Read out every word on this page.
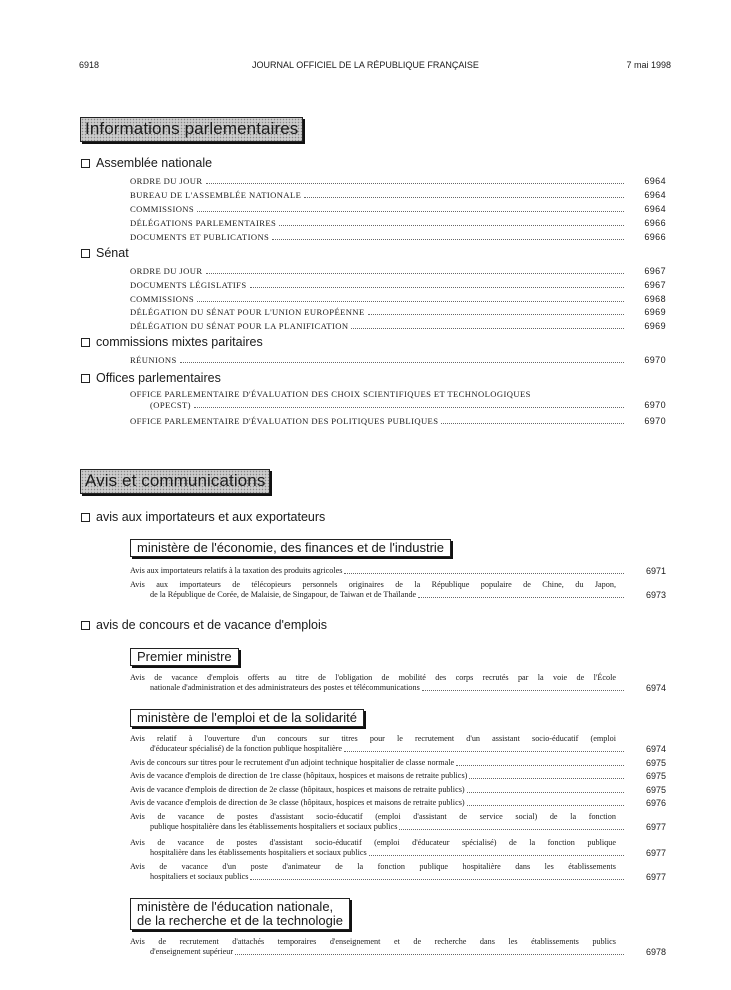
6918	JOURNAL OFFICIEL DE LA RÉPUBLIQUE FRANÇAISE	7 mai 1998
Informations parlementaires
Assemblée nationale
ORDRE DU JOUR	6964
BUREAU DE L'ASSEMBLÉE NATIONALE	6964
COMMISSIONS	6964
DÉLÉGATIONS PARLEMENTAIRES	6966
DOCUMENTS ET PUBLICATIONS	6966
Sénat
ORDRE DU JOUR	6967
DOCUMENTS LÉGISLATIFS	6967
COMMISSIONS	6968
DÉLÉGATION DU SÉNAT POUR L'UNION EUROPÉENNE	6969
DÉLÉGATION DU SÉNAT POUR LA PLANIFICATION	6969
commissions mixtes paritaires
RÉUNIONS	6970
Offices parlementaires
OFFICE PARLEMENTAIRE D'ÉVALUATION DES CHOIX SCIENTIFIQUES ET TECHNOLOGIQUES
(OPECST)	6970
OFFICE PARLEMENTAIRE D'ÉVALUATION DES POLITIQUES PUBLIQUES	6970
Avis et communications
avis aux importateurs et aux exportateurs
ministère de l'économie, des finances et de l'industrie
Avis aux importateurs relatifs à la taxation des produits agricoles	6971
Avis aux importateurs de télécopieurs personnels originaires de la République populaire de Chine, du Japon,
de la République de Corée, de Malaisie, de Singapour, de Taiwan et de Thaïlande	6973
avis de concours et de vacance d'emplois
Premier ministre
Avis de vacance d'emplois offerts au titre de l'obligation de mobilité des corps recrutés par la voie de l'École
nationale d'administration et des administrateurs des postes et télécommunications	6974
ministère de l'emploi et de la solidarité
Avis relatif à l'ouverture d'un concours sur titres pour le recrutement d'un assistant socio-éducatif (emploi
d'éducateur spécialisé) de la fonction publique hospitalière	6974
Avis de concours sur titres pour le recrutement d'un adjoint technique hospitalier de classe normale	6975
Avis de vacance d'emplois de direction de 1re classe (hôpitaux, hospices et maisons de retraite publics)	6975
Avis de vacance d'emplois de direction de 2e classe (hôpitaux, hospices et maisons de retraite publics)	6975
Avis de vacance d'emplois de direction de 3e classe (hôpitaux, hospices et maisons de retraite publics)	6976
Avis de vacance de postes d'assistant socio-éducatif (emploi d'assistant de service social) de la fonction
publique hospitalière dans les établissements hospitaliers et sociaux publics	6977
Avis de vacance de postes d'assistant socio-éducatif (emploi d'éducateur spécialisé) de la fonction publique
hospitalière dans les établissements hospitaliers et sociaux publics	6977
Avis de vacance d'un poste d'animateur de la fonction publique hospitalière dans les établissements
hospitaliers et sociaux publics	6977
ministère de l'éducation nationale,
de la recherche et de la technologie
Avis de recrutement d'attachés temporaires d'enseignement et de recherche dans les établissements publics
d'enseignement supérieur	6978
